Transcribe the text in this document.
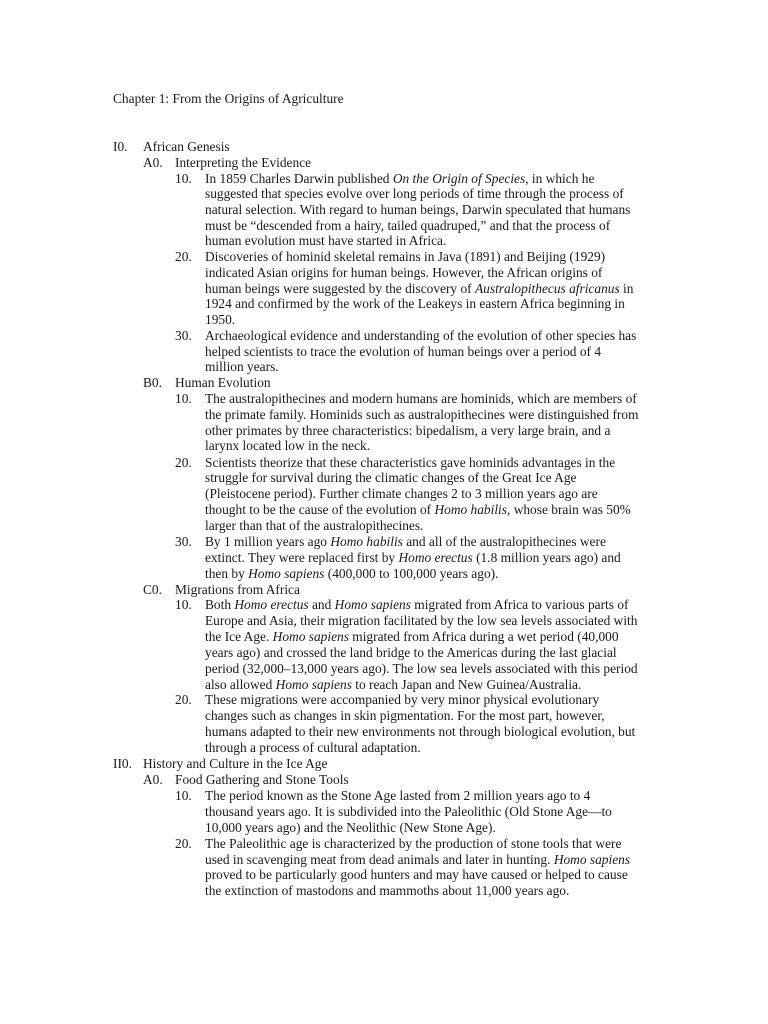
Chapter 1: From the Origins of Agriculture
I0. African Genesis
A0. Interpreting the Evidence
10. In 1859 Charles Darwin published On the Origin of Species, in which he
suggested that species evolve over long periods of time through the process of
natural selection. With regard to human beings, Darwin speculated that humans
must be “descended from a hairy, tailed quadruped,” and that the process of
human evolution must have started in Africa.
20. Discoveries of hominid skeletal remains in Java (1891) and Beijing (1929)
indicated Asian origins for human beings. However, the African origins of
human beings were suggested by the discovery of Australopithecus africanus in
1924 and confirmed by the work of the Leakeys in eastern Africa beginning in
1950.
30. Archaeological evidence and understanding of the evolution of other species has
helped scientists to trace the evolution of human beings over a period of 4
million years.
B0. Human Evolution
10. The australopithecines and modern humans are hominids, which are members of
the primate family. Hominids such as australopithecines were distinguished from
other primates by three characteristics: bipedalism, a very large brain, and a
larynx located low in the neck.
20. Scientists theorize that these characteristics gave hominids advantages in the
struggle for survival during the climatic changes of the Great Ice Age
(Pleistocene period). Further climate changes 2 to 3 million years ago are
thought to be the cause of the evolution of Homo habilis, whose brain was 50%
larger than that of the australopithecines.
30. By 1 million years ago Homo habilis and all of the australopithecines were
extinct. They were replaced first by Homo erectus (1.8 million years ago) and
then by Homo sapiens (400,000 to 100,000 years ago).
C0. Migrations from Africa
10. Both Homo erectus and Homo sapiens migrated from Africa to various parts of
Europe and Asia, their migration facilitated by the low sea levels associated with
the Ice Age. Homo sapiens migrated from Africa during a wet period (40,000
years ago) and crossed the land bridge to the Americas during the last glacial
period (32,000–13,000 years ago). The low sea levels associated with this period
also allowed Homo sapiens to reach Japan and New Guinea/Australia.
20. These migrations were accompanied by very minor physical evolutionary
changes such as changes in skin pigmentation. For the most part, however,
humans adapted to their new environments not through biological evolution, but
through a process of cultural adaptation.
II0. History and Culture in the Ice Age
A0. Food Gathering and Stone Tools
10. The period known as the Stone Age lasted from 2 million years ago to 4
thousand years ago. It is subdivided into the Paleolithic (Old Stone Age—to
10,000 years ago) and the Neolithic (New Stone Age).
20. The Paleolithic age is characterized by the production of stone tools that were
used in scavenging meat from dead animals and later in hunting. Homo sapiens
proved to be particularly good hunters and may have caused or helped to cause
the extinction of mastodons and mammoths about 11,000 years ago.
